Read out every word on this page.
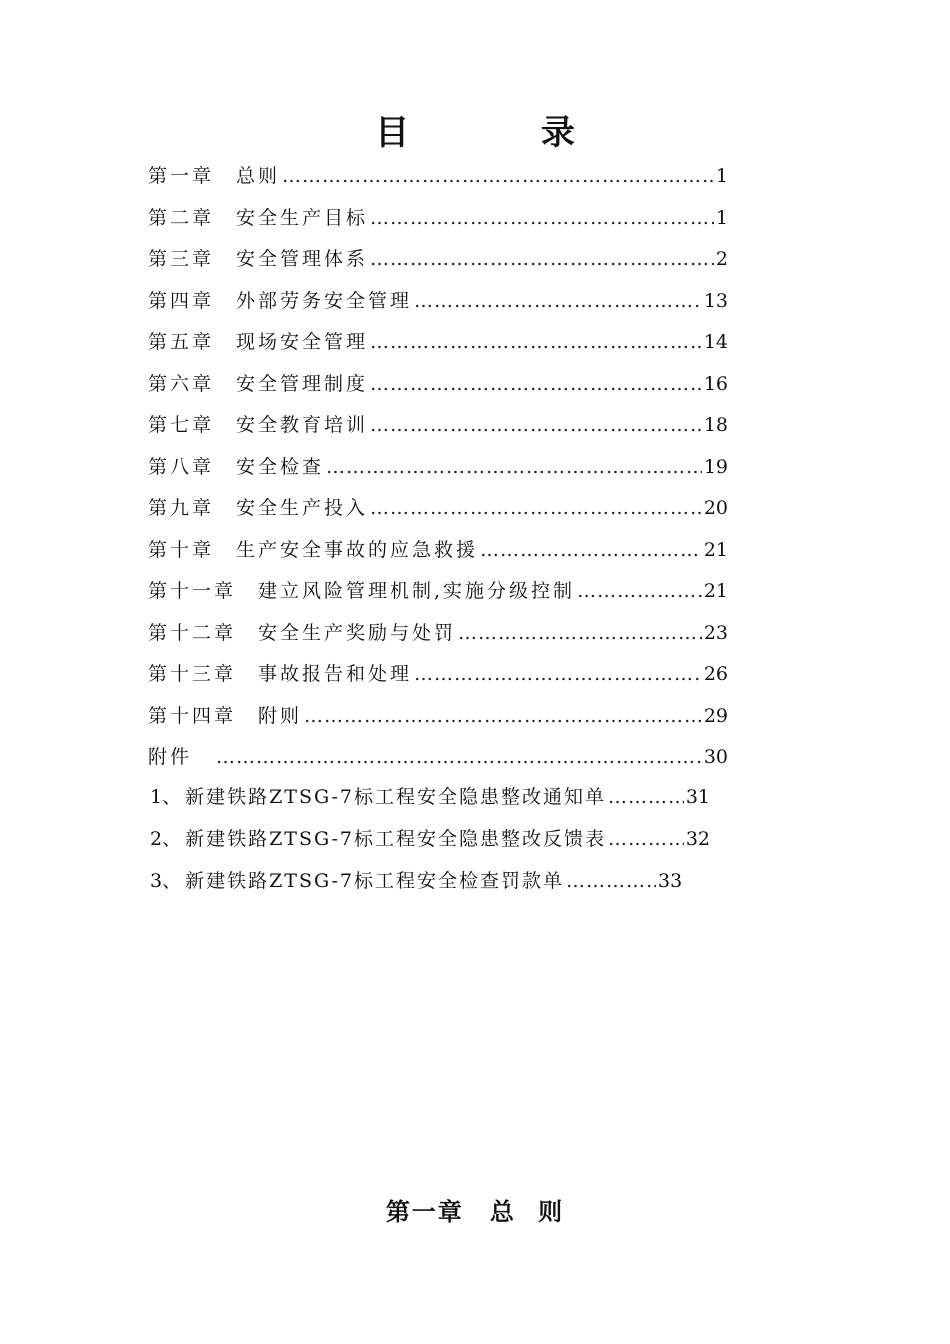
目 录
第一章 总则 ……………………………………………………………………………………………………………………	1
第二章 安全生产目标 ……………………………………………………………………………………………………………………	1
第三章 安全管理体系 ……………………………………………………………………………………………………………………	2
第四章 外部劳务安全管理 ……………………………………………………………………………………………………………………	13
第五章 现场安全管理 ……………………………………………………………………………………………………………………	14
第六章 安全管理制度 ……………………………………………………………………………………………………………………	16
第七章 安全教育培训 ……………………………………………………………………………………………………………………	18
第八章 安全检查 ……………………………………………………………………………………………………………………	19
第九章 安全生产投入 ……………………………………………………………………………………………………………………	20
第十章 生产安全事故的应急救援 ……………………………………………………………………………………………………………………	21
第十一章 建立风险管理机制,实施分级控制 ……………………………………………………………………………………………………………………	21
第十二章 安全生产奖励与处罚 ……………………………………………………………………………………………………………………	23
第十三章 事故报告和处理 ……………………………………………………………………………………………………………………	26
第十四章 附则 ……………………………………………………………………………………………………………………	29
附件 ……………………………………………………………………………………………………………………	30
1、 新建铁路ZTSG-7标工程安全隐患整改通知单 ……………………………………………………………………………………………………………………	31
2、 新建铁路ZTSG-7标工程安全隐患整改反馈表 ……………………………………………………………………………………………………………………	32
3、 新建铁路ZTSG-7标工程安全检查罚款单 ……………………………………………………………………………………………………………………	33
第一章 总 则
